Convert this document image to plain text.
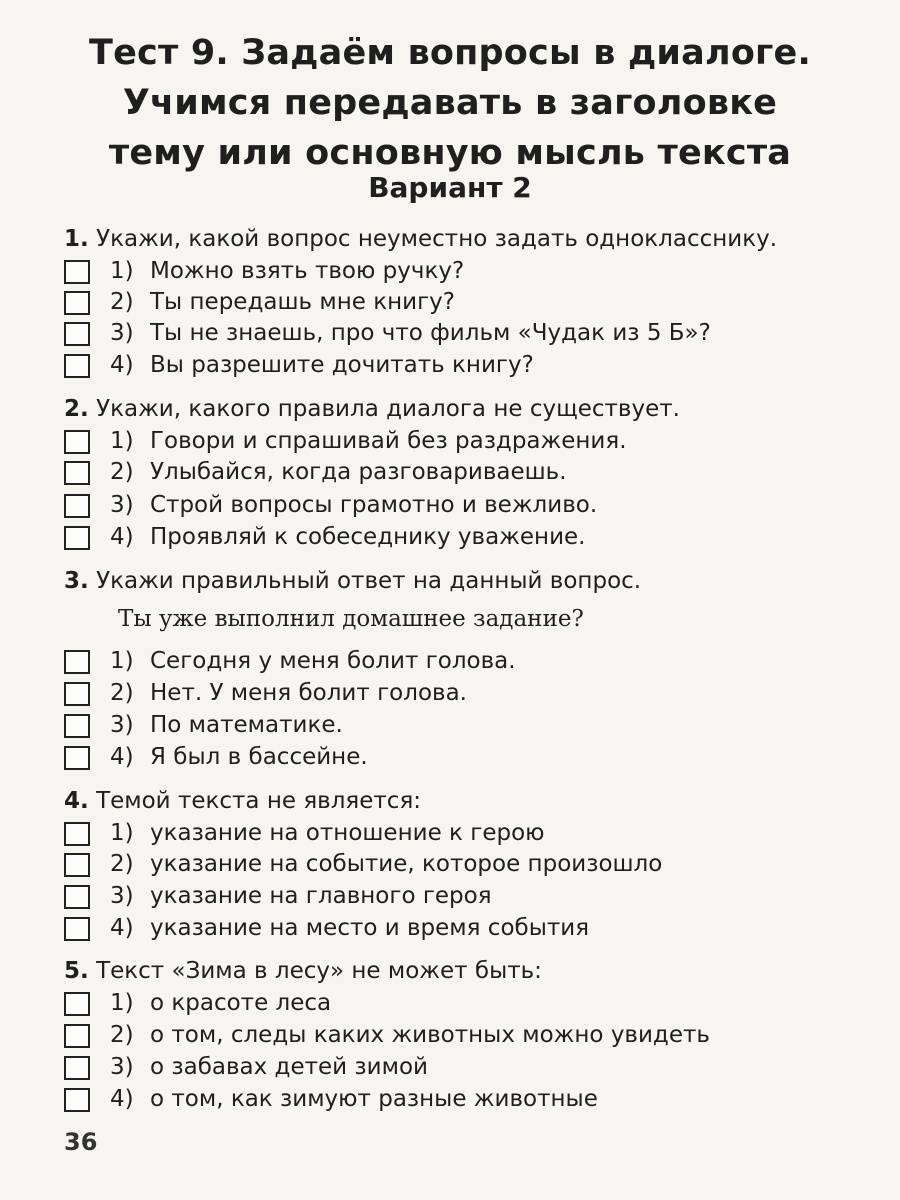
Тест 9. Задаём вопросы в диалоге.
Учимся передавать в заголовке
тему или основную мысль текста
Вариант 2
1. Укажи, какой вопрос неуместно задать однокласснику.
1) Можно взять твою ручку?
2) Ты передашь мне книгу?
3) Ты не знаешь, про что фильм «Чудак из 5 Б»?
4) Вы разрешите дочитать книгу?
2. Укажи, какого правила диалога не существует.
1) Говори и спрашивай без раздражения.
2) Улыбайся, когда разговариваешь.
3) Строй вопросы грамотно и вежливо.
4) Проявляй к собеседнику уважение.
3. Укажи правильный ответ на данный вопрос.
Ты уже выполнил домашнее задание?
1) Сегодня у меня болит голова.
2) Нет. У меня болит голова.
3) По математике.
4) Я был в бассейне.
4. Темой текста не является:
1) указание на отношение к герою
2) указание на событие, которое произошло
3) указание на главного героя
4) указание на место и время события
5. Текст «Зима в лесу» не может быть:
1) о красоте леса
2) о том, следы каких животных можно увидеть
3) о забавах детей зимой
4) о том, как зимуют разные животные
36
